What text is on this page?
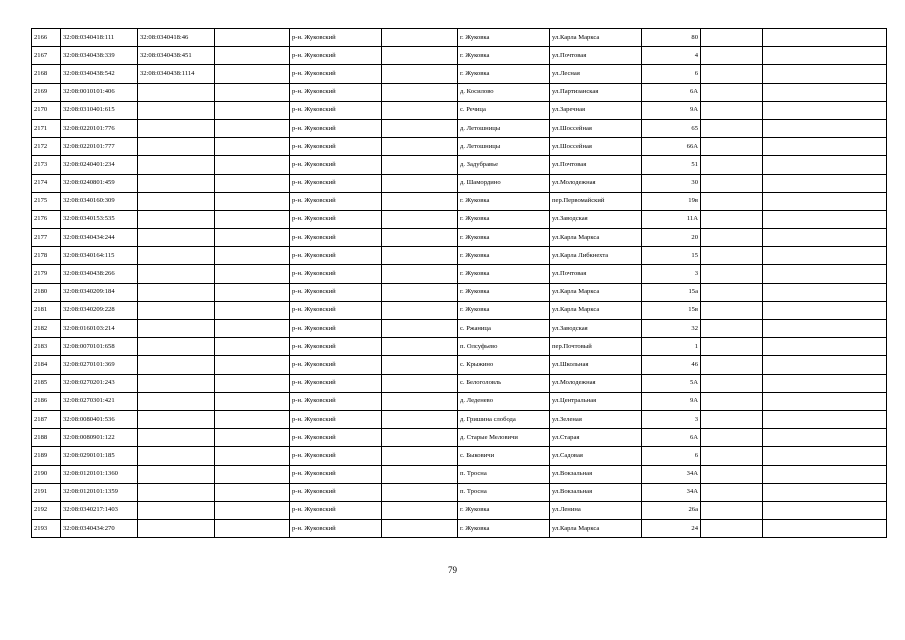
2166	32:08:0340418:111	32:08:0340418:46		р-н. Жуковский		г. Жуковка	ул.Карла Маркса	80		
2167	32:08:0340438:339	32:08:0340438:451		р-н. Жуковский		г. Жуковка	ул.Почтовая	4		
2168	32:08:0340438:542	32:08:0340438:1114		р-н. Жуковский		г. Жуковка	ул.Лесная	6		
2169	32:08:0010101:406			р-н. Жуковский		д. Косилово	ул.Партизанская	6А		
2170	32:08:0310401:615			р-н. Жуковский		с. Речица	ул.Заречная	9А		
2171	32:08:0220101:776			р-н. Жуковский		д. Летошницы	ул.Шоссейная	65		
2172	32:08:0220101:777			р-н. Жуковский		д. Летошницы	ул.Шоссейная	66А		
2173	32:08:0240401:234			р-н. Жуковский		д. Задубравье	ул.Почтовая	51		
2174	32:08:0240801:459			р-н. Жуковский		д. Шамордино	ул.Молодежная	30		
2175	32:08:0340160:309			р-н. Жуковский		г. Жуковка	пер.Первомайский	19в		
2176	32:08:0340153:535			р-н. Жуковский		г. Жуковка	ул.Заводская	11А		
2177	32:08:0340434:244			р-н. Жуковский		г. Жуковка	ул.Карла Маркса	20		
2178	32:08:0340164:115			р-н. Жуковский		г. Жуковка	ул.Карла Либкнехта	15		
2179	32:08:0340438:266			р-н. Жуковский		г. Жуковка	ул.Почтовая	3		
2180	32:08:0340209:184			р-н. Жуковский		г. Жуковка	ул.Карла Маркса	15а		
2181	32:08:0340209:228			р-н. Жуковский		г. Жуковка	ул.Карла Маркса	15в		
2182	32:08:0160103:214			р-н. Жуковский		с. Ржаница	ул.Заводская	32		
2183	32:08:0070101:658			р-н. Жуковский		п. Олсуфьево	пер.Почтовый	1		
2184	32:08:0270101:369			р-н. Жуковский		с. Крыжино	ул.Школьная	46		
2185	32:08:0270201:243			р-н. Жуковский		с. Белоголовль	ул.Молодежная	5А		
2186	32:08:0270301:421			р-н. Жуковский		д. Леденево	ул.Центральная	9А		
2187	32:08:0080401:536			р-н. Жуковский		д. Гришина слобода	ул.Зеленая	3		
2188	32:08:0080901:122			р-н. Жуковский		д. Старые Меловичи	ул.Старая	6А		
2189	32:08:0290101:185			р-н. Жуковский		с. Быковичи	ул.Садовая	6		
2190	32:08:0120101:1360			р-н. Жуковский		п. Тросна	ул.Вокзальная	34А		
2191	32:08:0120101:1359			р-н. Жуковский		п. Тросна	ул.Вокзальная	34А		
2192	32:08:0340217:1403			р-н. Жуковский		г. Жуковка	ул.Ленина	26а		
2193	32:08:0340434:270			р-н. Жуковский		г. Жуковка	ул.Карла Маркса	24		
79
